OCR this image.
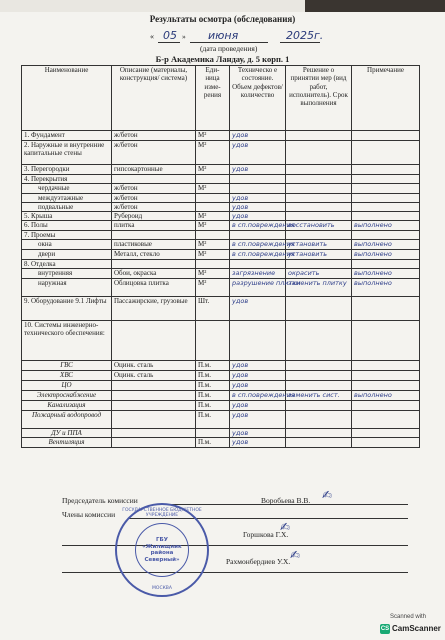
Результаты осмотра (обследования)
« 05 » июня	2025г.
(дата проведения)
Б-р Академика Ландау, д. 5 корп. 1
Наименование	Описание (материалы, конструкция/ система)	Еди- ница изме- рения	Техническо е состояние. Объем дефектов/ количество	Решение о принятии мер (вид работ, исполнитель). Срок выполнения	Примечание
1. Фундамент	ж/бетон	М²	удов		
2. Наружные и внутренние капитальные стены	ж/бетон	М²	удов		
3. Перегородки	гипсокартонные	М²	удов		
4. Перекрытия					
чердачные	ж/бетон	М²			
междуэтажные	ж/бетон		удов		
подвальные	ж/бетон		удов		
5. Крыша	Рубероид	М²	удов		
6. Полы	плитка	М²	в сп.повреждения	восстановить	выполнено
7. Проемы					
окна	пластиковые	М²	в сп.повреждения	установить	выполнено
двери	Металл, стекло	М²	в сп.повреждения	установить	выполнено
8. Отделка					
внутренняя	Обои, окраска	М²	загрязнение	окрасить	выполнено
наружная	Облицовка плитка	М²	разрушение плитки	заменить плитку	выполнено
9. Оборудование 9.1 Лифты	Пассажирские, грузовые	Шт.	удов		
10. Системы инженерно- технического обеспечения:					
ГВС	Оцинк. сталь	П.м.	удов		
ХВС	Оцинк. сталь	П.м.	удов		
ЦО		П.м.	удов		
Электроснабжение		П.м.	в сп.повреждения	заменить сист.	выполнено
Канализация		П.м.	удов		
Пожарный водопровод		П.м.	удов		
ДУ и ППА			удов		
Вентиляция		П.м.	удов		
Председатель комиссии	Воробьева В.В. ✍
Члены комиссии
Горшкова Г.Х.
✍
Рахмонбердиев У.Х. ✍
ГОСУДАРСТВЕННОЕ БЮДЖЕТНОЕ УЧРЕЖДЕНИЕ
ГБУ «Жилищник района Северный»
МОСКВА
Scanned with
CS CamScanner
